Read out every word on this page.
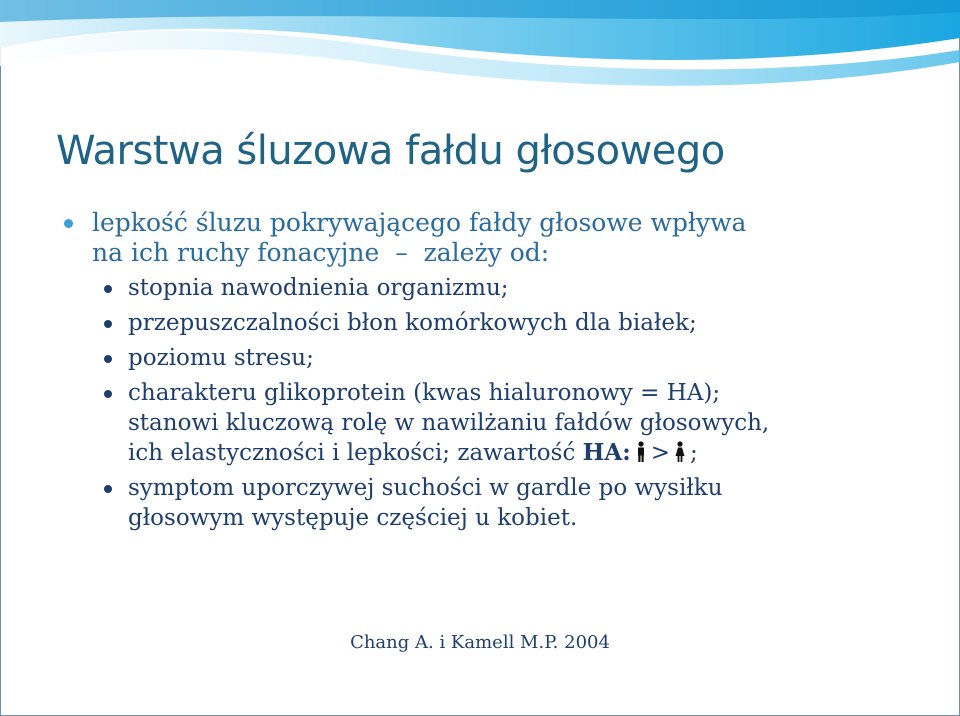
Warstwa śluzowa fałdu głosowego
lepkość śluzu pokrywającego fałdy głosowe wpływa
na ich ruchy fonacyjne  –  zależy od:
stopnia nawodnienia organizmu;
przepuszczalności błon komórkowych dla białek;
poziomu stresu;
charakteru glikoprotein (kwas hialuronowy = HA);
stanowi kluczową rolę w nawilżaniu fałdów głosowych,
ich elastyczności i lepkości; zawartość HA: > ;
symptom uporczywej suchości w gardle po wysiłku
głosowym występuje częściej u kobiet.
Chang A. i Kamell M.P. 2004
